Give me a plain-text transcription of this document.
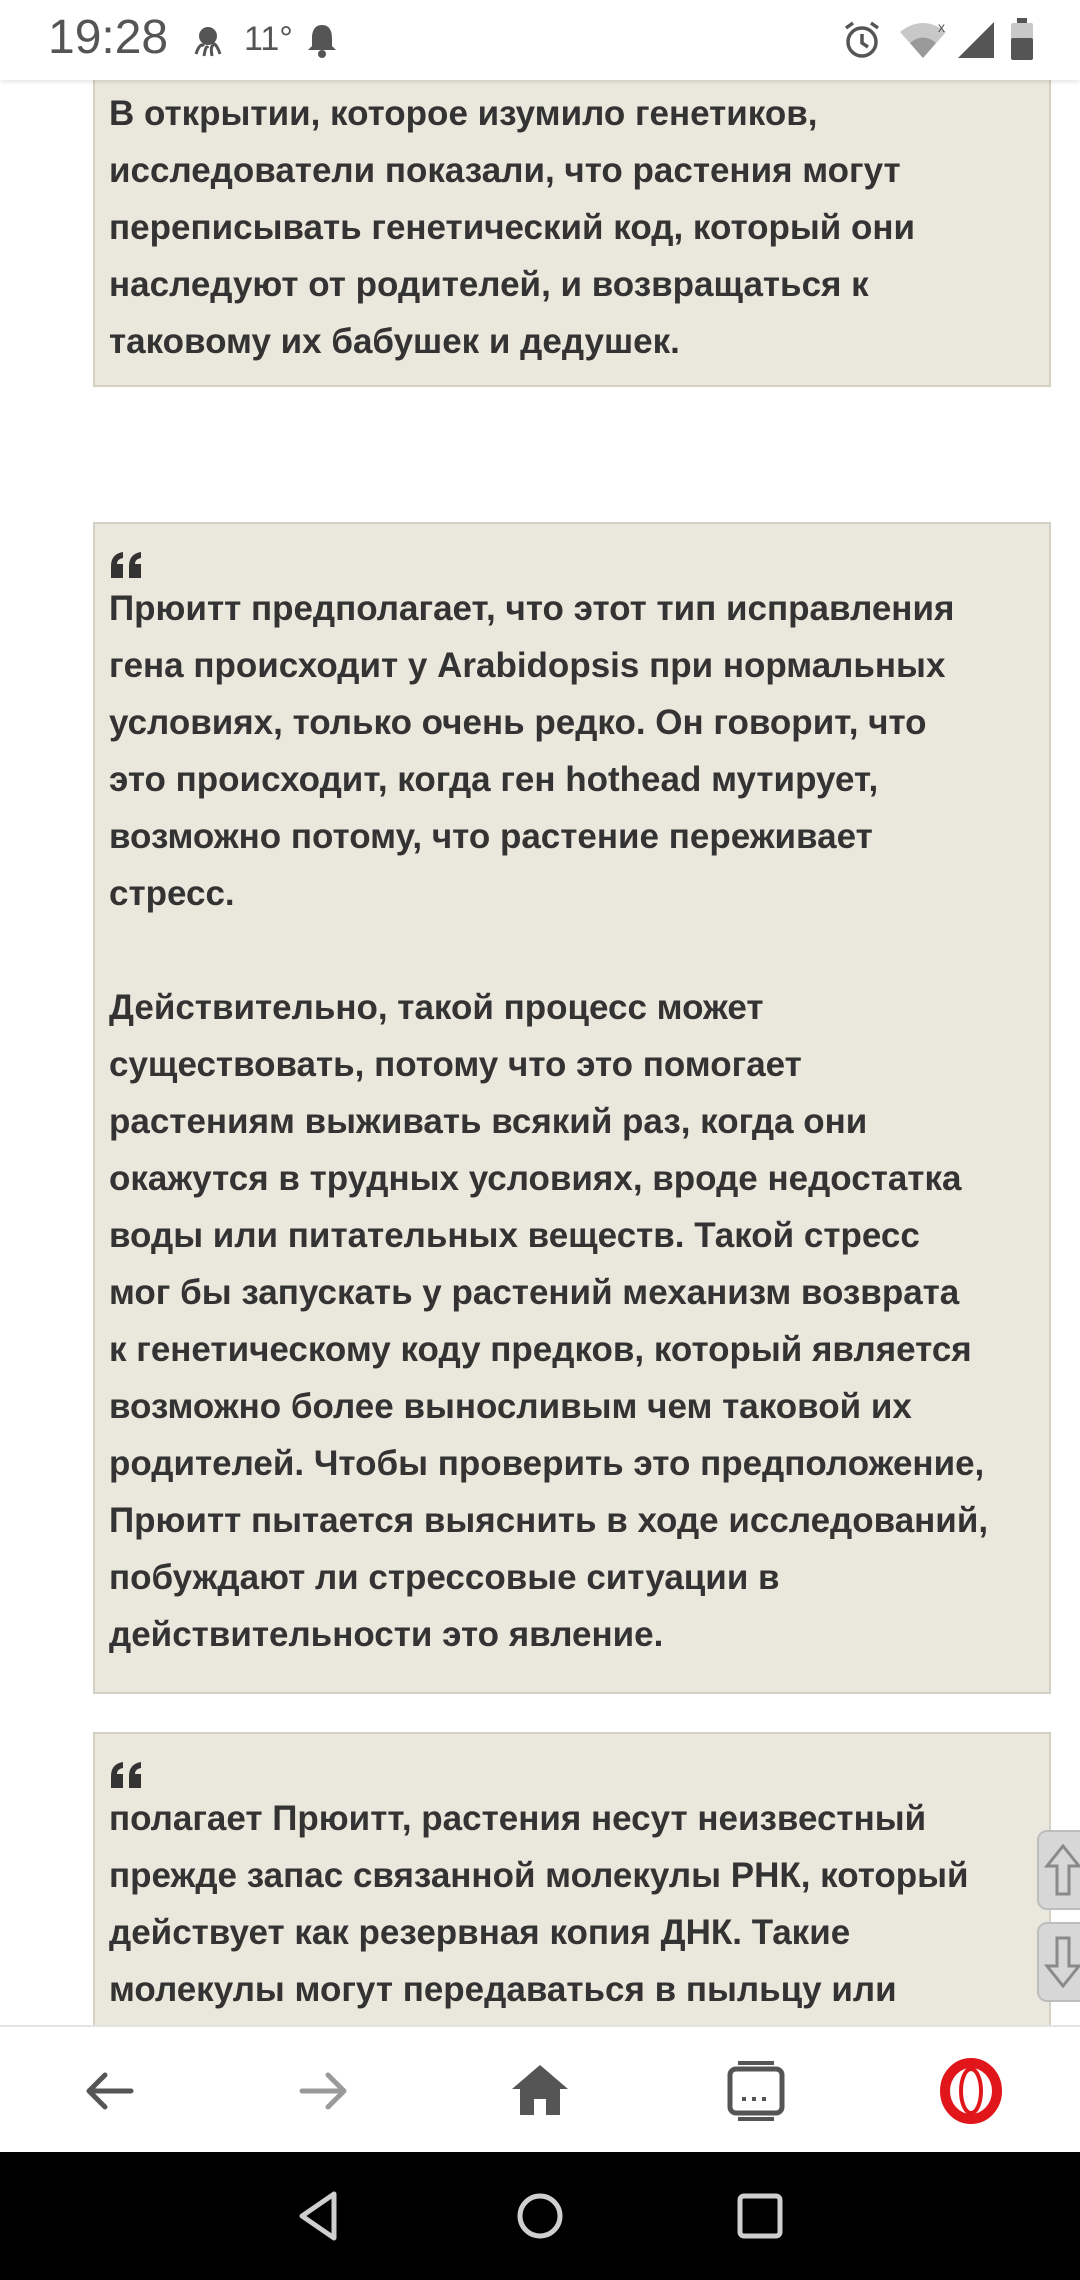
19:28 11°	x

В открытии, которое изумило генетиков,
исследователи показали, что растения могут
переписывать генетический код, который они
наследуют от родителей, и возвращаться к
таковому их бабушек и дедушек.

Прюитт предполагает, что этот тип исправления
гена происходит у Arabidopsis при нормальных
условиях, только очень редко. Он говорит, что
это происходит, когда ген hothead мутирует,
возможно потому, что растение переживает
стресс.

Действительно, такой процесс может
существовать, потому что это помогает
растениям выживать всякий раз, когда они
окажутся в трудных условиях, вроде недостатка
воды или питательных веществ. Такой стресс
мог бы запускать у растений механизм возврата
к генетическому коду предков, который является
возможно более выносливым чем таковой их
родителей. Чтобы проверить это предположение,
Прюитт пытается выяснить в ходе исследований,
побуждают ли стрессовые ситуации в
действительности это явление.

полагает Прюитт, растения несут неизвестный
прежде запас связанной молекулы РНК, который
действует как резервная копия ДНК. Такие
молекулы могут передаваться в пыльцу или
